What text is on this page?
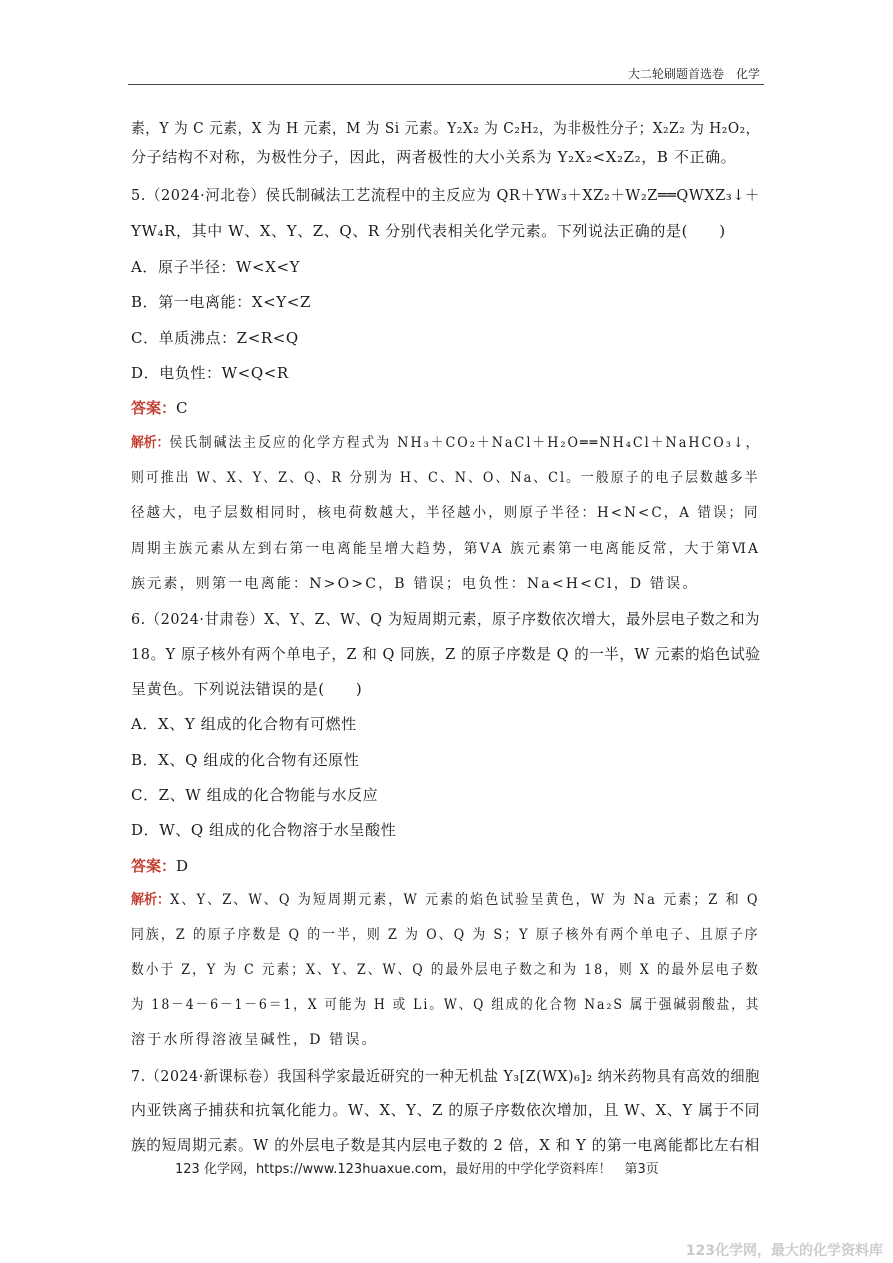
大二轮刷题首选卷　化学
素，Y 为 C 元素，X 为 H 元素，M 为 Si 元素。Y₂X₂ 为 C₂H₂，为非极性分子；X₂Z₂ 为 H₂O₂，
分子结构不对称，为极性分子，因此，两者极性的大小关系为 Y₂X₂<X₂Z₂，B 不正确。
5.（2024·河北卷）侯氏制碱法工艺流程中的主反应为 QR＋YW₃＋XZ₂＋W₂Z══QWXZ₃↓＋
YW₄R，其中 W、X、Y、Z、Q、R 分别代表相关化学元素。下列说法正确的是(　　)
A．原子半径：W<X<Y
B．第一电离能：X<Y<Z
C．单质沸点：Z<R<Q
D．电负性：W<Q<R
答案：C
解析：侯氏制碱法主反应的化学方程式为 NH₃＋CO₂＋NaCl＋H₂O══NH₄Cl＋NaHCO₃↓，
则可推出 W、X、Y、Z、Q、R 分别为 H、C、N、O、Na、Cl。一般原子的电子层数越多半
径越大，电子层数相同时，核电荷数越大，半径越小，则原子半径：H<N<C，A 错误；同
周期主族元素从左到右第一电离能呈增大趋势，第ⅤA 族元素第一电离能反常，大于第ⅥA
族元素，则第一电离能：N>O>C，B 错误；电负性：Na<H<Cl，D 错误。
6.（2024·甘肃卷）X、Y、Z、W、Q 为短周期元素，原子序数依次增大，最外层电子数之和为
18。Y 原子核外有两个单电子，Z 和 Q 同族，Z 的原子序数是 Q 的一半，W 元素的焰色试验
呈黄色。下列说法错误的是(　　)
A．X、Y 组成的化合物有可燃性
B．X、Q 组成的化合物有还原性
C．Z、W 组成的化合物能与水反应
D．W、Q 组成的化合物溶于水呈酸性
答案：D
解析：X、Y、Z、W、Q 为短周期元素，W 元素的焰色试验呈黄色，W 为 Na 元素；Z 和 Q
同族，Z 的原子序数是 Q 的一半，则 Z 为 O、Q 为 S；Y 原子核外有两个单电子、且原子序
数小于 Z，Y 为 C 元素；X、Y、Z、W、Q 的最外层电子数之和为 18，则 X 的最外层电子数
为 18－4－6－1－6＝1，X 可能为 H 或 Li。W、Q 组成的化合物 Na₂S 属于强碱弱酸盐，其
溶于水所得溶液呈碱性，D 错误。
7.（2024·新课标卷）我国科学家最近研究的一种无机盐 Y₃[Z(WX)₆]₂ 纳米药物具有高效的细胞
内亚铁离子捕获和抗氧化能力。W、X、Y、Z 的原子序数依次增加，且 W、X、Y 属于不同
族的短周期元素。W 的外层电子数是其内层电子数的 2 倍，X 和 Y 的第一电离能都比左右相
123 化学网，https://www.123huaxue.com，最好用的中学化学资料库！　第3页
123化学网，最大的化学资料库
